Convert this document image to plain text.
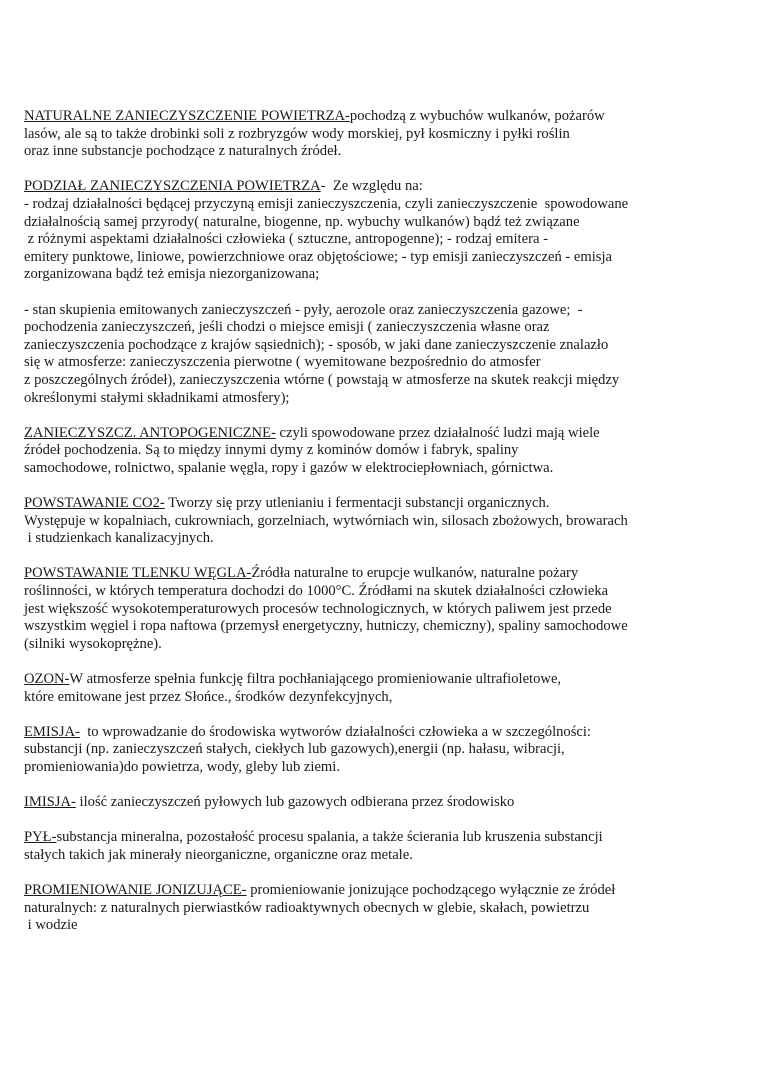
NATURALNE ZANIECZYSZCZENIE POWIETRZA-pochodzą z wybuchów wulkanów, pożarów
lasów, ale są to także drobinki soli z rozbryzgów wody morskiej, pył kosmiczny i pyłki roślin
oraz inne substancje pochodzące z naturalnych źródeł.

PODZIAŁ ZANIECZYSZCZENIA POWIETRZA-  Ze względu na:
- rodzaj działalności będącej przyczyną emisji zanieczyszczenia, czyli zanieczyszczenie  spowodowane
działalnością samej przyrody( naturalne, biogenne, np. wybuchy wulkanów) bądź też związane
z różnymi aspektami działalności człowieka ( sztuczne, antropogenne); - rodzaj emitera -
emitery punktowe, liniowe, powierzchniowe oraz objętościowe; - typ emisji zanieczyszczeń - emisja
zorganizowana bądź też emisja niezorganizowana;

- stan skupienia emitowanych zanieczyszczeń - pyły, aerozole oraz zanieczyszczenia gazowe;  -
pochodzenia zanieczyszczeń, jeśli chodzi o miejsce emisji ( zanieczyszczenia własne oraz
zanieczyszczenia pochodzące z krajów sąsiednich); - sposób, w jaki dane zanieczyszczenie znalazło
się w atmosferze: zanieczyszczenia pierwotne ( wyemitowane bezpośrednio do atmosfer
z poszczególnych źródeł), zanieczyszczenia wtórne ( powstają w atmosferze na skutek reakcji między
określonymi stałymi składnikami atmosfery);

ZANIECZYSZCZ. ANTOPOGENICZNE- czyli spowodowane przez działalność ludzi mają wiele
źródeł pochodzenia. Są to między innymi dymy z kominów domów i fabryk, spaliny
samochodowe, rolnictwo, spalanie węgla, ropy i gazów w elektrociepłowniach, górnictwa.

POWSTAWANIE CO2- Tworzy się przy utlenianiu i fermentacji substancji organicznych.
Występuje w kopalniach, cukrowniach, gorzelniach, wytwórniach win, silosach zbożowych, browarach
i studzienkach kanalizacyjnych.

POWSTAWANIE TLENKU WĘGLA-Źródła naturalne to erupcje wulkanów, naturalne pożary
roślinności, w których temperatura dochodzi do 1000°C. Źródłami na skutek działalności człowieka
jest większość wysokotemperaturowych procesów technologicznych, w których paliwem jest przede
wszystkim węgiel i ropa naftowa (przemysł energetyczny, hutniczy, chemiczny), spaliny samochodowe
(silniki wysokoprężne).

OZON-W atmosferze spełnia funkcję filtra pochłaniającego promieniowanie ultrafioletowe,
które emitowane jest przez Słońce., środków dezynfekcyjnych,

EMISJA-  to wprowadzanie do środowiska wytworów działalności człowieka a w szczególności:
substancji (np. zanieczyszczeń stałych, ciekłych lub gazowych),energii (np. hałasu, wibracji,
promieniowania)do powietrza, wody, gleby lub ziemi.

IMISJA- ilość zanieczyszczeń pyłowych lub gazowych odbierana przez środowisko

PYŁ-substancja mineralna, pozostałość procesu spalania, a także ścierania lub kruszenia substancji
stałych takich jak minerały nieorganiczne, organiczne oraz metale.

PROMIENIOWANIE JONIZUJĄCE- promieniowanie jonizujące pochodzącego wyłącznie ze źródeł
naturalnych: z naturalnych pierwiastków radioaktywnych obecnych w glebie, skałach, powietrzu
i wodzie
